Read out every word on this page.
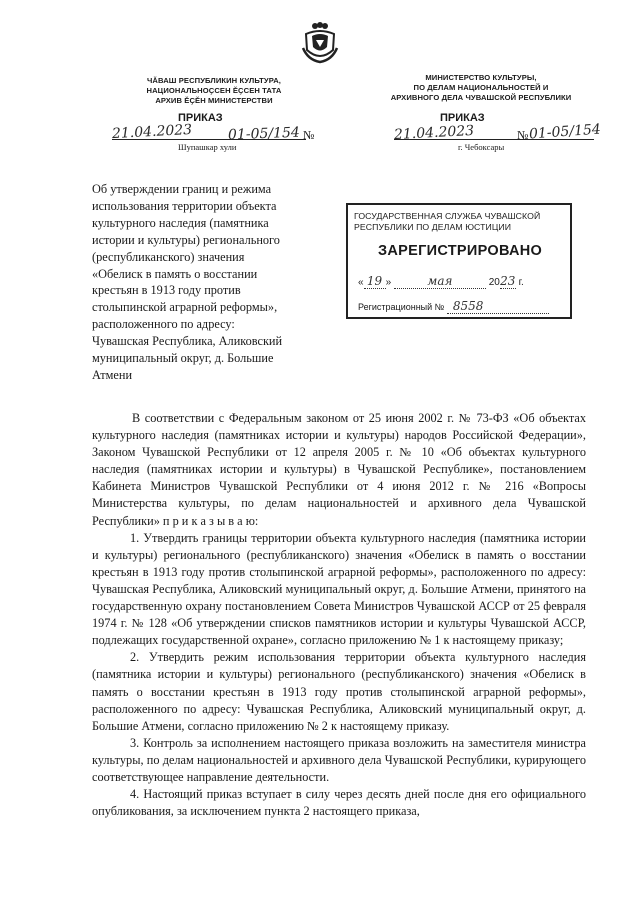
ЧĂВАШ РЕСПУБЛИКИН КУЛЬТУРА,
НАЦИОНАЛЬНОҪСЕН ĔҪСЕН ТАТА
АРХИВ ĔҪĔН МИНИСТЕРСТВИ
МИНИСТЕРСТВО КУЛЬТУРЫ,
ПО ДЕЛАМ НАЦИОНАЛЬНОСТЕЙ И
АРХИВНОГО ДЕЛА ЧУВАШСКОЙ РЕСПУБЛИКИ
ПРИКАЗ
21.04.2023	01-05/154 №
Шупашкар хули
ПРИКАЗ
21.04.2023	№ 01-05/154
г. Чебоксары
Об утверждении границ и режима
использования территории объекта
культурного наследия (памятника
истории и культуры) регионального
(республиканского) значения
«Обелиск в память о восстании
крестьян в 1913 году против
столыпинской аграрной реформы»,
расположенного по адресу:
Чувашская Республика, Аликовский
муниципальный округ, д. Большие
Атмени
ГОСУДАРСТВЕННАЯ СЛУЖБА ЧУВАШСКОЙ
РЕСПУБЛИКИ ПО ДЕЛАМ ЮСТИЦИИ
ЗАРЕГИСТРИРОВАНО
« 19 »	мая	2023 г.
Регистрационный № 8558

В соответствии с Федеральным законом от 25 июня 2002 г. № 73-ФЗ «Об объектах культурного наследия (памятниках истории и культуры) народов Российской Федерации», Законом Чувашской Республики от 12 апреля 2005 г. № 10 «Об объектах культурного наследия (памятниках истории и культуры) в Чувашской Республике», постановлением Кабинета Министров Чувашской Республики от 4 июня 2012 г. № 216 «Вопросы Министерства культуры, по делам национальностей и архивного дела Чувашской Республики» п р и к а з ы в а ю:

1. Утвердить границы территории объекта культурного наследия (памятника истории и культуры) регионального (республиканского) значения «Обелиск в память о восстании крестьян в 1913 году против столыпинской аграрной реформы», расположенного по адресу: Чувашская Республика, Аликовский муниципальный округ, д. Большие Атмени, принятого на государственную охрану постановлением Совета Министров Чувашской АССР от 25 февраля 1974 г. № 128 «Об утверждении списков памятников истории и культуры Чувашской АССР, подлежащих государственной охране», согласно приложению № 1 к настоящему приказу;

2. Утвердить режим использования территории объекта культурного наследия (памятника истории и культуры) регионального (республиканского) значения «Обелиск в память о восстании крестьян в 1913 году против столыпинской аграрной реформы», расположенного по адресу: Чувашская Республика, Аликовский муниципальный округ, д. Большие Атмени, согласно приложению № 2 к настоящему приказу.

3. Контроль за исполнением настоящего приказа возложить на заместителя министра культуры, по делам национальностей и архивного дела Чувашской Республики, курирующего соответствующее направление деятельности.

4. Настоящий приказ вступает в силу через десять дней после дня его официального опубликования, за исключением пункта 2 настоящего приказа,
